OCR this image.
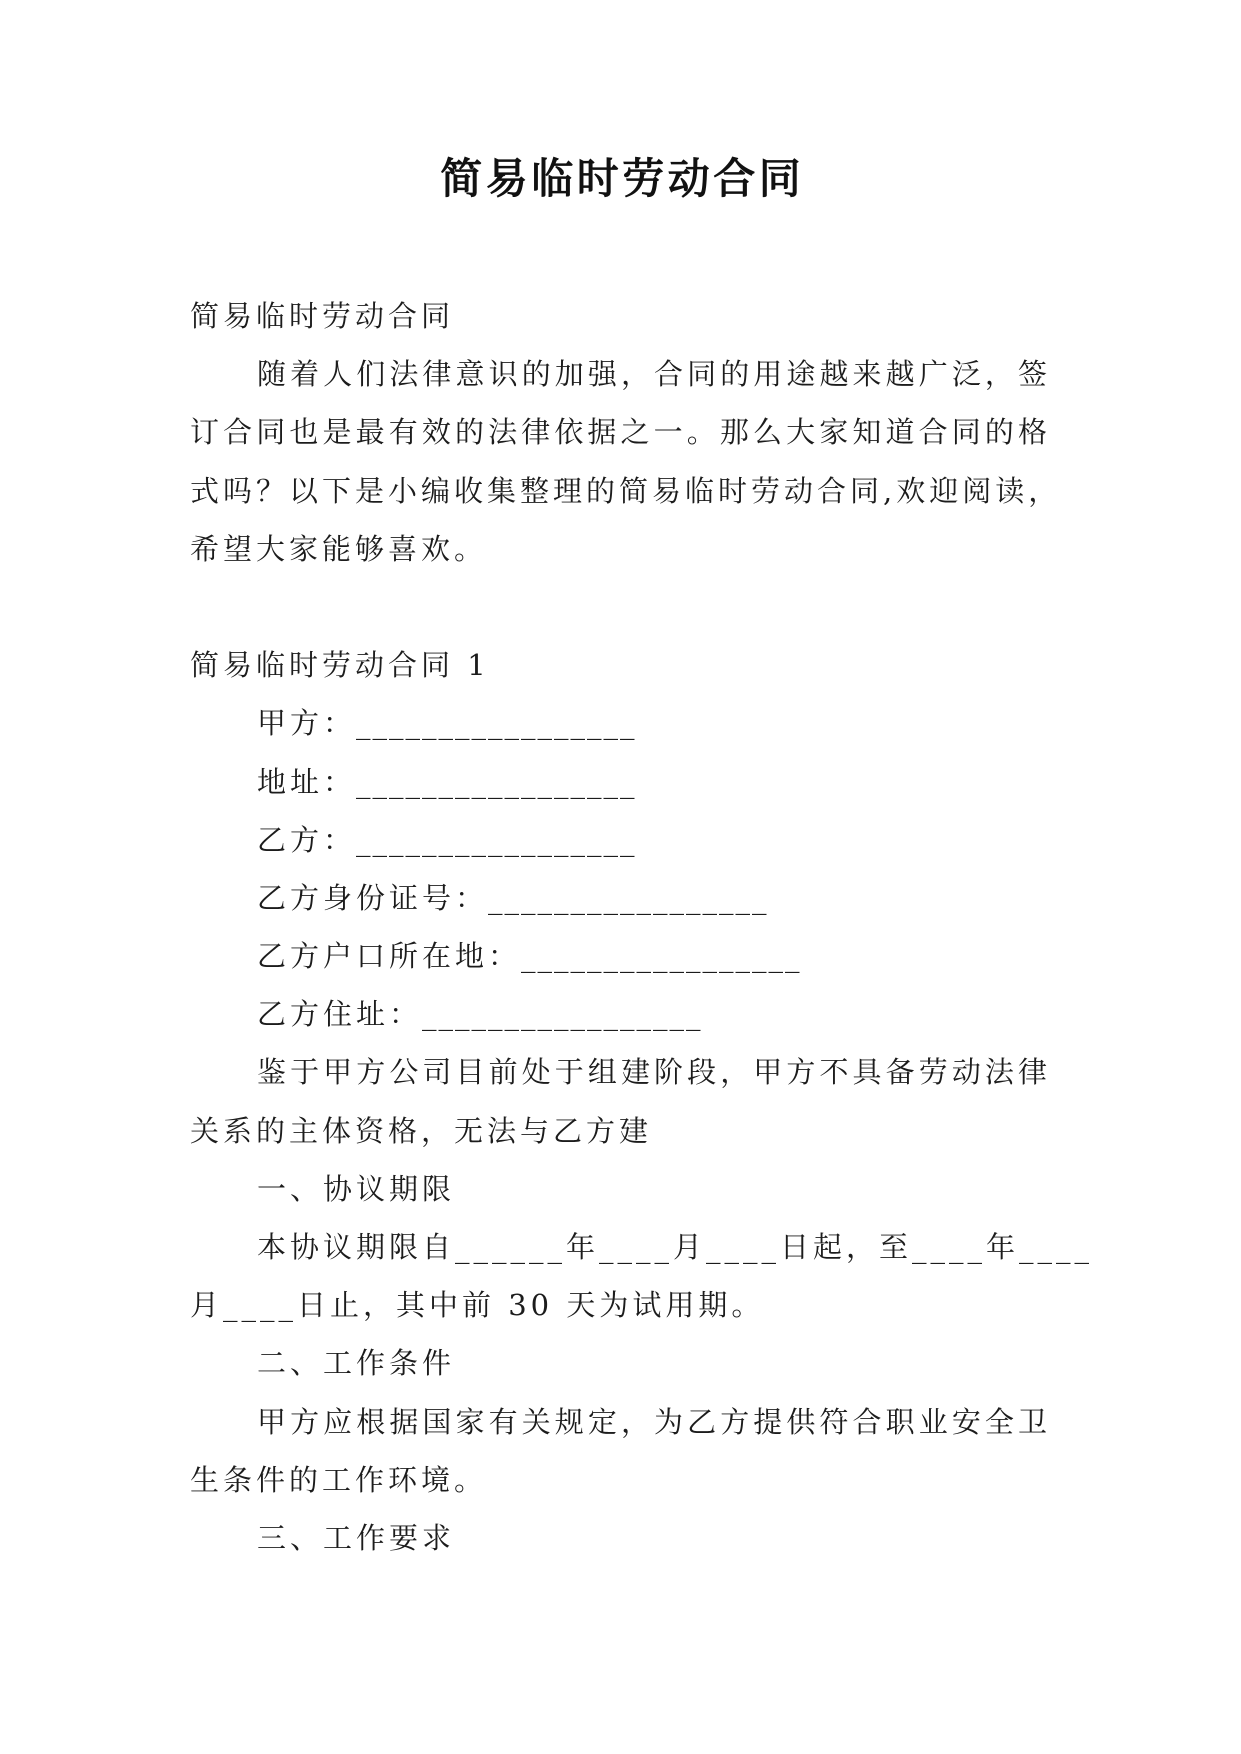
简易临时劳动合同
简易临时劳动合同
随着人们法律意识的加强，合同的用途越来越广泛，签
订合同也是最有效的法律依据之一。那么大家知道合同的格
式吗？以下是小编收集整理的简易临时劳动合同,欢迎阅读，
希望大家能够喜欢。
简易临时劳动合同 1
甲方：_________________
地址：_________________
乙方：_________________
乙方身份证号：_________________
乙方户口所在地：_________________
乙方住址：_________________
鉴于甲方公司目前处于组建阶段，甲方不具备劳动法律
关系的主体资格，无法与乙方建
一、协议期限
本协议期限自______年____月____日起，至____年____
月____日止，其中前 30 天为试用期。
二、工作条件
甲方应根据国家有关规定，为乙方提供符合职业安全卫
生条件的工作环境。
三、工作要求
